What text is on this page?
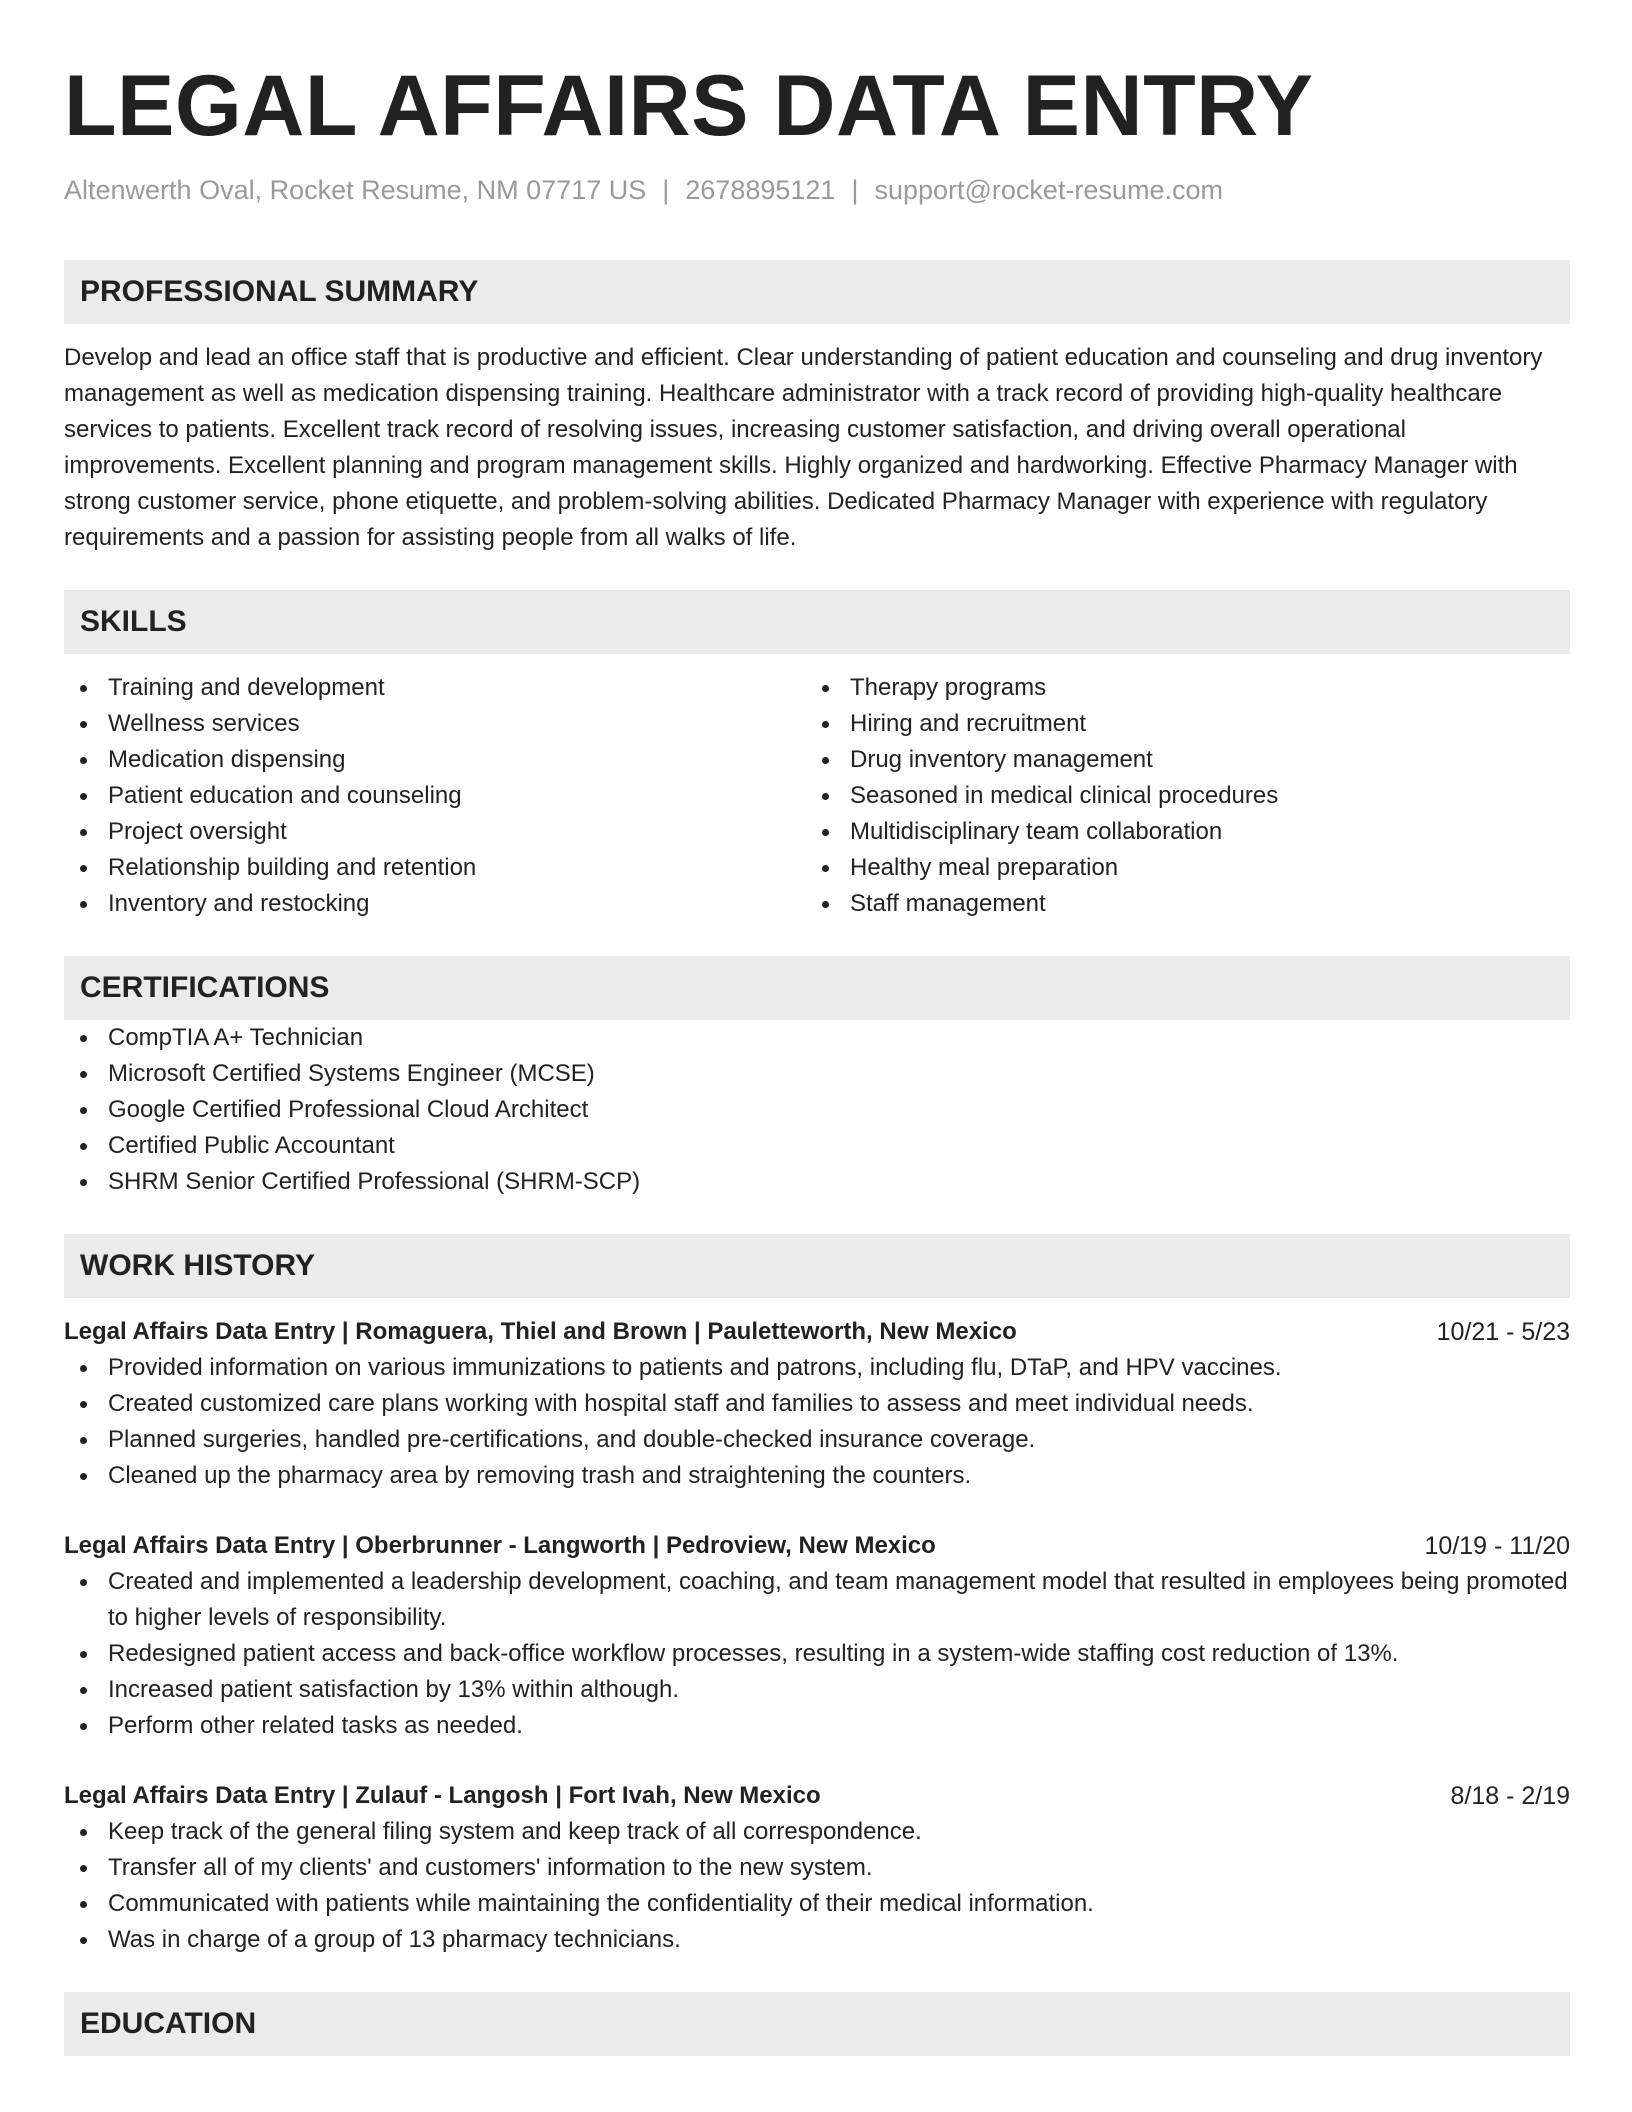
LEGAL AFFAIRS DATA ENTRY
Altenwerth Oval, Rocket Resume, NM 07717 US | 2678895121 | support@rocket-resume.com
PROFESSIONAL SUMMARY
Develop and lead an office staff that is productive and efficient. Clear understanding of patient education and counseling and drug inventory management as well as medication dispensing training. Healthcare administrator with a track record of providing high-quality healthcare services to patients. Excellent track record of resolving issues, increasing customer satisfaction, and driving overall operational improvements. Excellent planning and program management skills. Highly organized and hardworking. Effective Pharmacy Manager with strong customer service, phone etiquette, and problem-solving abilities. Dedicated Pharmacy Manager with experience with regulatory requirements and a passion for assisting people from all walks of life.
SKILLS
Training and development
Wellness services
Medication dispensing
Patient education and counseling
Project oversight
Relationship building and retention
Inventory and restocking
Therapy programs
Hiring and recruitment
Drug inventory management
Seasoned in medical clinical procedures
Multidisciplinary team collaboration
Healthy meal preparation
Staff management
CERTIFICATIONS
CompTIA A+ Technician
Microsoft Certified Systems Engineer (MCSE)
Google Certified Professional Cloud Architect
Certified Public Accountant
SHRM Senior Certified Professional (SHRM-SCP)
WORK HISTORY
Legal Affairs Data Entry | Romaguera, Thiel and Brown | Pauletteworth, New Mexico	10/21 - 5/23
Provided information on various immunizations to patients and patrons, including flu, DTaP, and HPV vaccines.
Created customized care plans working with hospital staff and families to assess and meet individual needs.
Planned surgeries, handled pre-certifications, and double-checked insurance coverage.
Cleaned up the pharmacy area by removing trash and straightening the counters.
Legal Affairs Data Entry | Oberbrunner - Langworth | Pedroview, New Mexico	10/19 - 11/20
Created and implemented a leadership development, coaching, and team management model that resulted in employees being promoted to higher levels of responsibility.
Redesigned patient access and back-office workflow processes, resulting in a system-wide staffing cost reduction of 13%.
Increased patient satisfaction by 13% within although.
Perform other related tasks as needed.
Legal Affairs Data Entry | Zulauf - Langosh | Fort Ivah, New Mexico	8/18 - 2/19
Keep track of the general filing system and keep track of all correspondence.
Transfer all of my clients' and customers' information to the new system.
Communicated with patients while maintaining the confidentiality of their medical information.
Was in charge of a group of 13 pharmacy technicians.
EDUCATION
